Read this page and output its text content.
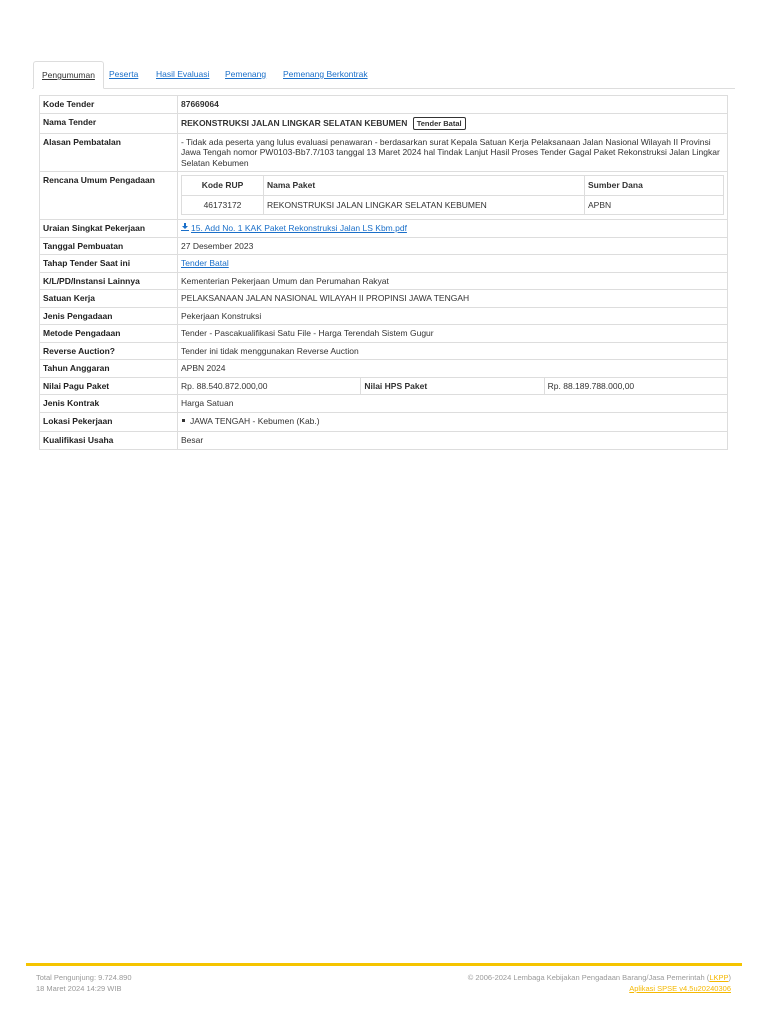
Pengumuman	Peserta	Hasil Evaluasi	Pemenang	Pemenang Berkontrak
Kode Tender	87669064
Nama Tender	REKONSTRUKSI JALAN LINGKAR SELATAN KEBUMEN Tender Batal
Alasan Pembatalan	- Tidak ada peserta yang lulus evaluasi penawaran - berdasarkan surat Kepala Satuan Kerja Pelaksanaan Jalan Nasional Wilayah II Provinsi Jawa Tengah nomor PW0103-Bb7.7/103 tanggal 13 Maret 2024 hal Tindak Lanjut Hasil Proses Tender Gagal Paket Rekonstruksi Jalan Lingkar Selatan Kebumen
Rencana Umum Pengadaan		Kode RUP	Nama Paket	Sumber Dana
46173172	REKONSTRUKSI JALAN LINGKAR SELATAN KEBUMEN	APBN

Uraian Singkat Pekerjaan	15. Add No. 1 KAK Paket Rekonstruksi Jalan LS Kbm.pdf
Tanggal Pembuatan	27 Desember 2023
Tahap Tender Saat ini	Tender Batal
K/L/PD/Instansi Lainnya	Kementerian Pekerjaan Umum dan Perumahan Rakyat
Satuan Kerja	PELAKSANAAN JALAN NASIONAL WILAYAH II PROPINSI JAWA TENGAH
Jenis Pengadaan	Pekerjaan Konstruksi
Metode Pengadaan	Tender - Pascakualifikasi Satu File - Harga Terendah Sistem Gugur
Reverse Auction?	Tender ini tidak menggunakan Reverse Auction
Tahun Anggaran	APBN 2024
Nilai Pagu Paket	Rp. 88.540.872.000,00	Nilai HPS Paket	Rp. 88.189.788.000,00
Jenis Kontrak	Harga Satuan
Lokasi Pekerjaan	JAWA TENGAH - Kebumen (Kab.)
Kualifikasi Usaha	Besar
Total Pengunjung: 9.724.890
18 Maret 2024 14:29 WIB
© 2006-2024 Lembaga Kebijakan Pengadaan Barang/Jasa Pemerintah (LKPP)
Aplikasi SPSE v4.5u20240306
